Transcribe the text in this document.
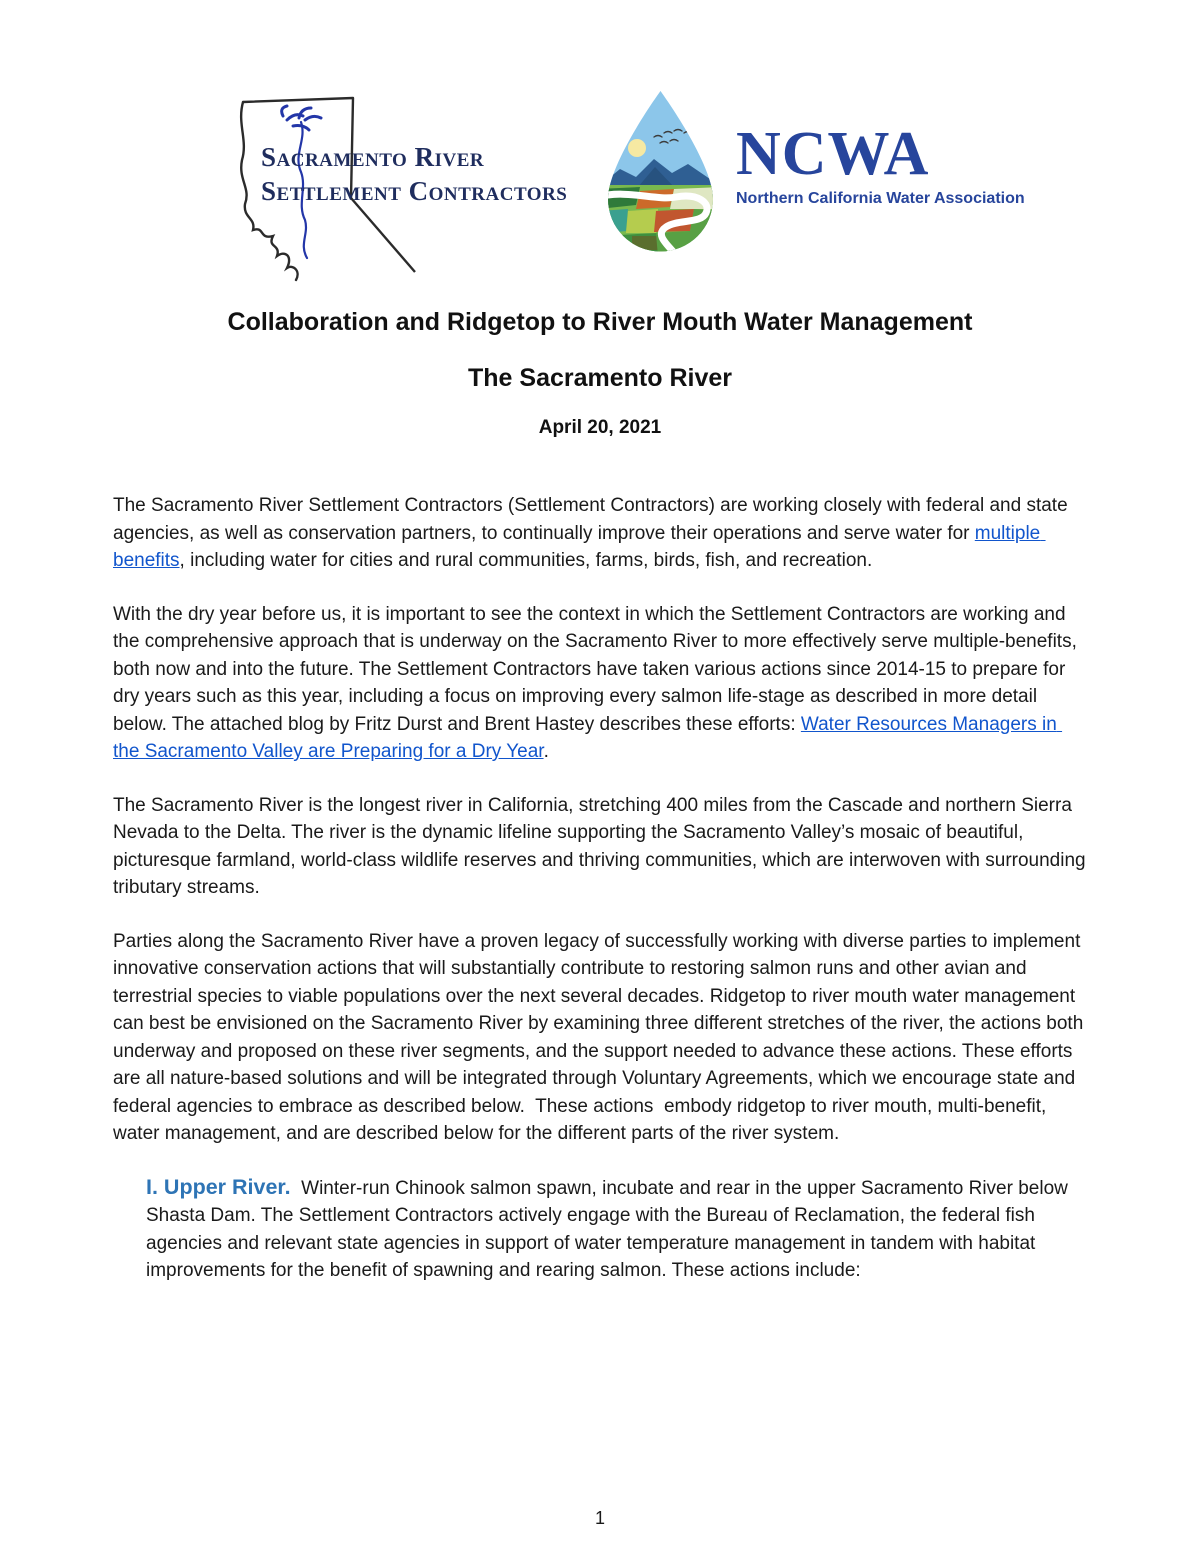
Sacramento River
Settlement Contractors
NCWA
Northern California Water Association
Collaboration and Ridgetop to River Mouth Water Management
The Sacramento River
April 20, 2021

The Sacramento River Settlement Contractors (Settlement Contractors) are working closely with federal and state agencies, as well as conservation partners, to continually improve their operations and serve water for multiple benefits, including water for cities and rural communities, farms, birds, fish, and recreation.

With the dry year before us, it is important to see the context in which the Settlement Contractors are working and the comprehensive approach that is underway on the Sacramento River to more effectively serve multiple-benefits, both now and into the future. The Settlement Contractors have taken various actions since 2014-15 to prepare for dry years such as this year, including a focus on improving every salmon life-stage as described in more detail below. The attached blog by Fritz Durst and Brent Hastey describes these efforts: Water Resources Managers in the Sacramento Valley are Preparing for a Dry Year.

The Sacramento River is the longest river in California, stretching 400 miles from the Cascade and northern Sierra Nevada to the Delta. The river is the dynamic lifeline supporting the Sacramento Valley’s mosaic of beautiful, picturesque farmland, world-class wildlife reserves and thriving communities, which are interwoven with surrounding tributary streams.

Parties along the Sacramento River have a proven legacy of successfully working with diverse parties to implement innovative conservation actions that will substantially contribute to restoring salmon runs and other avian and terrestrial species to viable populations over the next several decades. Ridgetop to river mouth water management can best be envisioned on the Sacramento River by examining three different stretches of the river, the actions both underway and proposed on these river segments, and the support needed to advance these actions. These efforts are all nature-based solutions and will be integrated through Voluntary Agreements, which we encourage state and federal agencies to embrace as described below.  These actions  embody ridgetop to river mouth, multi-benefit, water management, and are described below for the different parts of the river system.

I. Upper River.  Winter-run Chinook salmon spawn, incubate and rear in the upper Sacramento River below Shasta Dam. The Settlement Contractors actively engage with the Bureau of Reclamation, the federal fish agencies and relevant state agencies in support of water temperature management in tandem with habitat improvements for the benefit of spawning and rearing salmon. These actions include:

1
